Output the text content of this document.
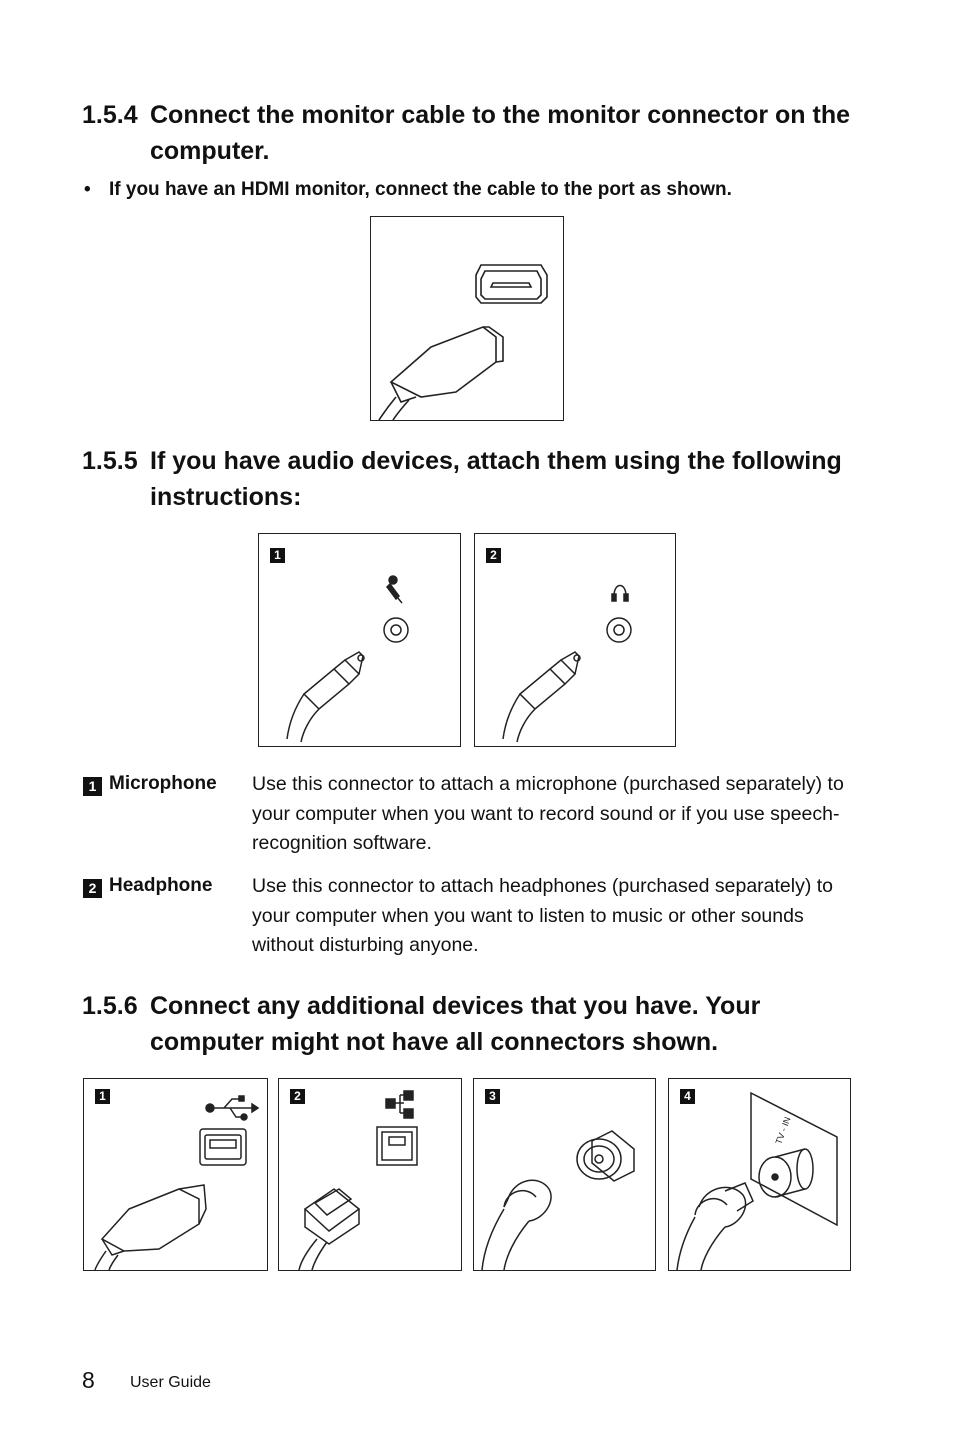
1.5.4 Connect the monitor cable to the monitor connector on the computer.
• If you have an HDMI monitor, connect the cable to the port as shown.
1.5.5 If you have audio devices, attach them using the following instructions:
1	2
1 Microphone Use this connector to attach a microphone (purchased separately) to your computer when you want to record sound or if you use speech-recognition software.
2 Headphone Use this connector to attach headphones (purchased separately) to your computer when you want to listen to music or other sounds without disturbing anyone.
1.5.6 Connect any additional devices that you have. Your computer might not have all connectors shown.
1	2	3	4
TV - IN
8 User Guide
